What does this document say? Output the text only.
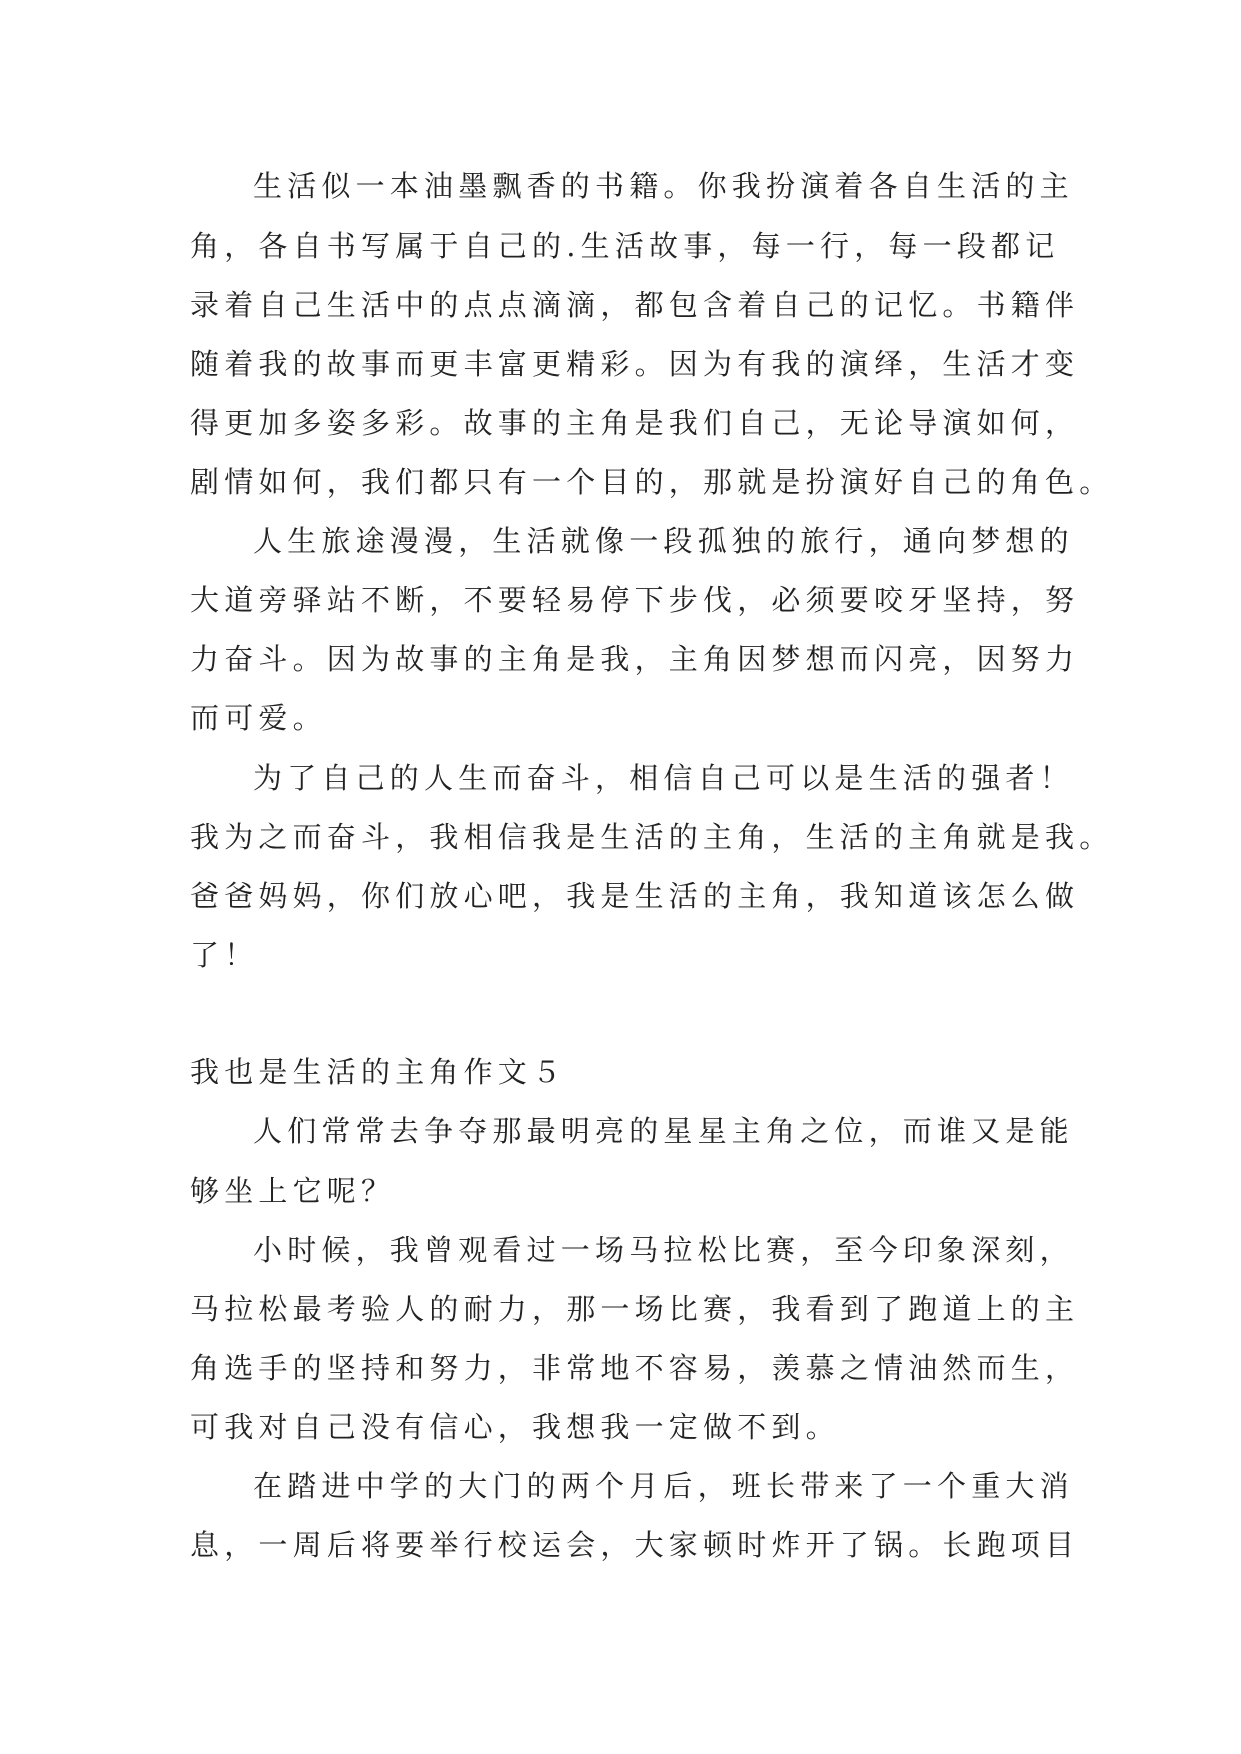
生活似一本油墨飘香的书籍。你我扮演着各自生活的主
角，各自书写属于自己的.生活故事，每一行，每一段都记
录着自己生活中的点点滴滴，都包含着自己的记忆。书籍伴
随着我的故事而更丰富更精彩。因为有我的演绎，生活才变
得更加多姿多彩。故事的主角是我们自己，无论导演如何，
剧情如何，我们都只有一个目的，那就是扮演好自己的角色。
人生旅途漫漫，生活就像一段孤独的旅行，通向梦想的
大道旁驿站不断，不要轻易停下步伐，必须要咬牙坚持，努
力奋斗。因为故事的主角是我，主角因梦想而闪亮，因努力
而可爱。
为了自己的人生而奋斗，相信自己可以是生活的强者！
我为之而奋斗，我相信我是生活的主角，生活的主角就是我。
爸爸妈妈，你们放心吧，我是生活的主角，我知道该怎么做
了！
我也是生活的主角作文５
人们常常去争夺那最明亮的星星主角之位，而谁又是能
够坐上它呢？
小时候，我曾观看过一场马拉松比赛，至今印象深刻，
马拉松最考验人的耐力，那一场比赛，我看到了跑道上的主
角选手的坚持和努力，非常地不容易，羡慕之情油然而生，
可我对自己没有信心，我想我一定做不到。
在踏进中学的大门的两个月后，班长带来了一个重大消
息，一周后将要举行校运会，大家顿时炸开了锅。长跑项目
